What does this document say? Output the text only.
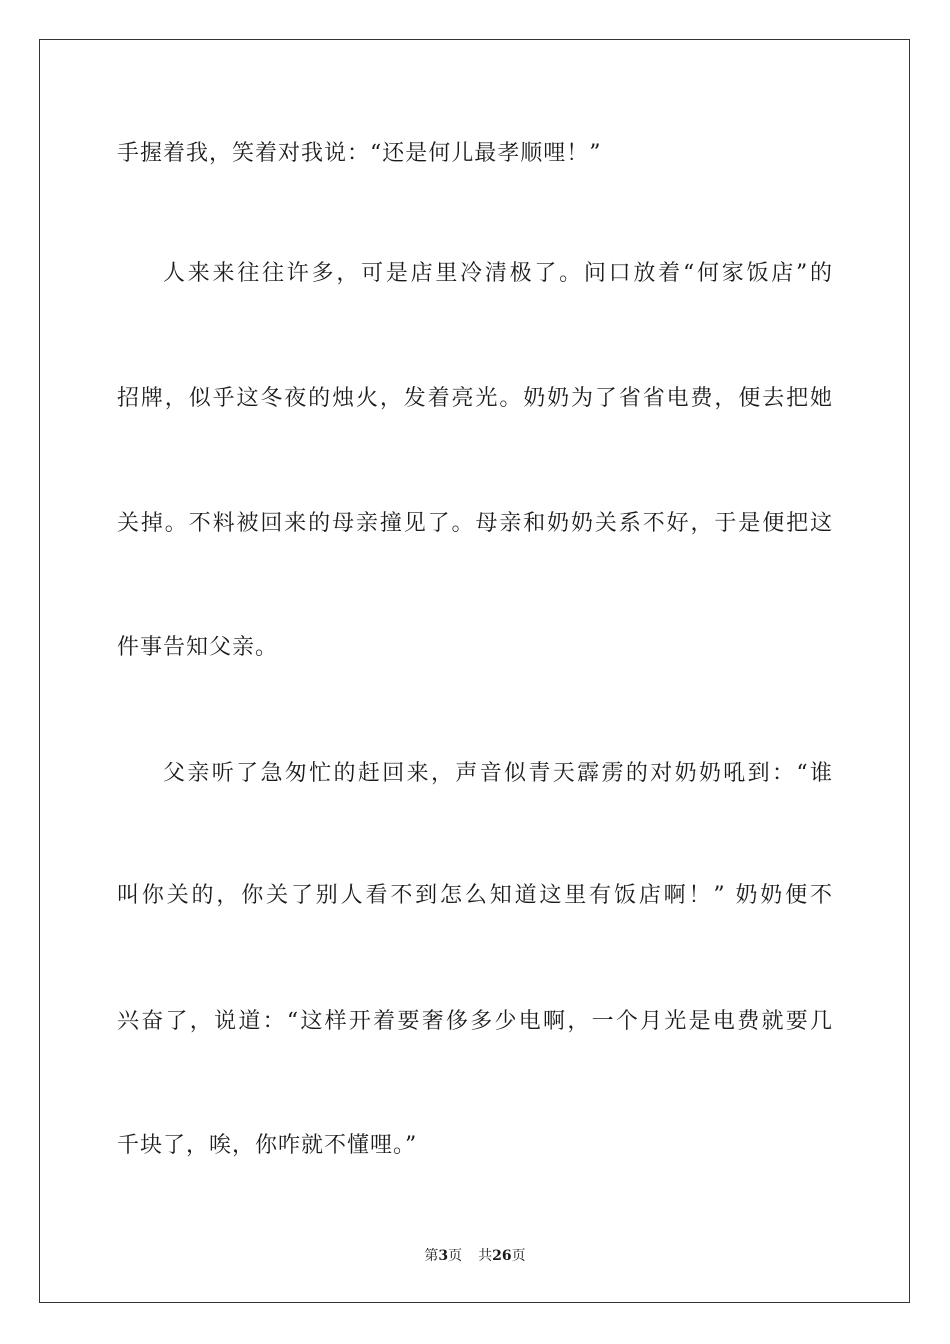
手握着我，笑着对我说：“还是何儿最孝顺哩！”
人来来往往许多，可是店里冷清极了。问口放着“何家饭店”的
招牌，似乎这冬夜的烛火，发着亮光。奶奶为了省省电费，便去把她
关掉。不料被回来的母亲撞见了。母亲和奶奶关系不好，于是便把这
件事告知父亲。
父亲听了急匆忙的赶回来，声音似青天霹雳的对奶奶吼到：“谁
叫你关的，你关了别人看不到怎么知道这里有饭店啊！” 奶奶便不
兴奋了，说道：“这样开着要奢侈多少电啊，一个月光是电费就要几
千块了，唉，你咋就不懂哩。”
第3页 共26页
